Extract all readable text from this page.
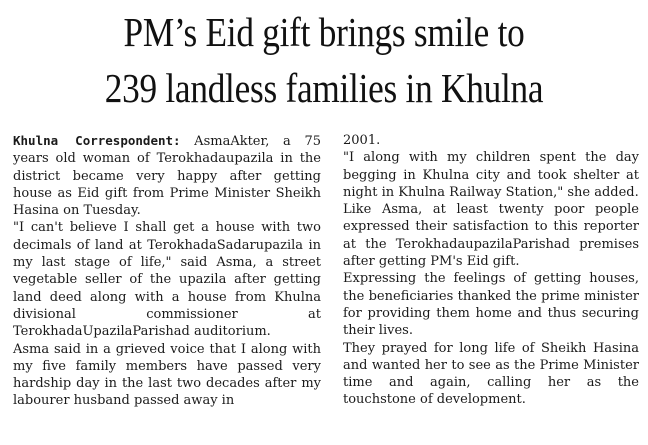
PM’s Eid gift brings smile to
239 landless families in Khulna

Khulna Correspondent: AsmaAkter, a 75 years old woman of Terokhadaupazila in the district became very happy after getting house as Eid gift from Prime Minister Sheikh Hasina on Tuesday.

"I can't believe I shall get a house with two decimals of land at TerokhadaSadarupazila in my last stage of life," said Asma, a street vegetable seller of the upazila after getting land deed along with a house from Khulna divisional commissioner at TerokhadaUpazilaParishad auditorium.

Asma said in a grieved voice that I along with my five family members have passed very hardship day in the last two decades after my labourer husband passed away in

2001.

"I along with my children spent the day begging in Khulna city and took shelter at night in Khulna Railway Station," she added.

Like Asma, at least twenty poor people expressed their satisfaction to this reporter at the TerokhadaupazilaParishad premises after getting PM's Eid gift.

Expressing the feelings of getting houses, the beneficiaries thanked the prime minister for providing them home and thus securing their lives.

They prayed for long life of Sheikh Hasina and wanted her to see as the Prime Minister time and again, calling her as the touchstone of development.
